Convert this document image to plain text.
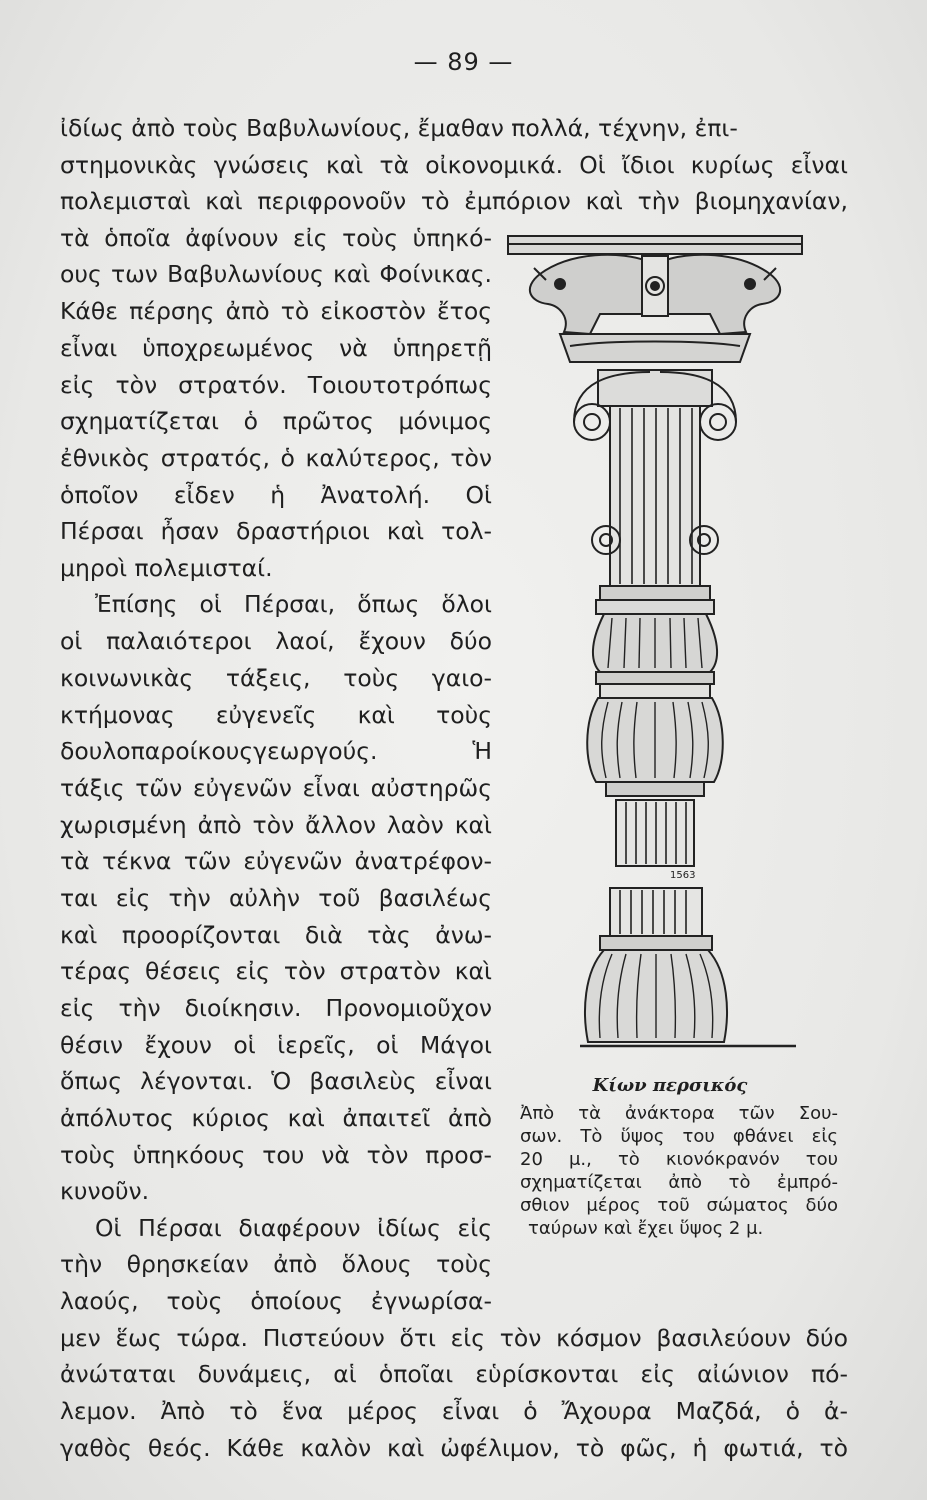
— 89 —
ἰδίως ἀπὸ τοὺς Βαβυλωνίους, ἔμαθαν πολλά, τέχνην, ἐπι-
στημονικὰς γνώσεις καὶ τὰ οἰκονομικά. Οἱ ἴδιοι κυρίως εἶναι
πολεμισταὶ καὶ περιφρονοῦν τὸ ἐμπόριον καὶ τὴν βιομηχανίαν,
τὰ ὁποῖα ἀφίνουν εἰς τοὺς ὑπηκό-
ους των Βαβυλωνίους καὶ Φοίνικας.
Κάθε πέρσης ἀπὸ τὸ εἰκοστὸν ἔτος
εἶναι ὑποχρεωμένος νὰ ὑπηρετῇ
εἰς τὸν στρατόν. Τοιουτοτρόπως
σχηματίζεται ὁ πρῶτος μόνιμος
ἐθνικὸς στρατός, ὁ καλύτερος, τὸν
ὁποῖον εἶδεν ἡ Ἀνατολή. Οἱ
Πέρσαι ἦσαν δραστήριοι καὶ τολ-
μηροὶ πολεμισταί.
Ἐπίσης οἱ Πέρσαι, ὅπως ὅλοι
οἱ παλαιότεροι λαοί, ἔχουν δύο
κοινωνικὰς τάξεις, τοὺς γαιο-
κτήμονας εὐγενεῖς καὶ τοὺς
δουλοπαροίκουςγεωργούς. Ἡ
τάξις τῶν εὐγενῶν εἶναι αὐστηρῶς
χωρισμένη ἀπὸ τὸν ἄλλον λαὸν καὶ
τὰ τέκνα τῶν εὐγενῶν ἀνατρέφον-
ται εἰς τὴν αὐλὴν τοῦ βασιλέως
καὶ προορίζονται διὰ τὰς ἀνω-
τέρας θέσεις εἰς τὸν στρατὸν καὶ
εἰς τὴν διοίκησιν. Προνομιοῦχον
θέσιν ἔχουν οἱ ἱερεῖς, οἱ Μάγοι
ὅπως λέγονται. Ὁ βασιλεὺς εἶναι
ἀπόλυτος κύριος καὶ ἀπαιτεῖ ἀπὸ
τοὺς ὑπηκόους του νὰ τὸν προσ-
κυνοῦν.
Οἱ Πέρσαι διαφέρουν ἰδίως εἰς
τὴν θρησκείαν ἀπὸ ὅλους τοὺς
λαούς, τοὺς ὁποίους ἐγνωρίσα-
μεν ἕως τώρα. Πιστεύουν ὅτι εἰς τὸν κόσμον βασιλεύουν δύο
ἀνώταται δυνάμεις, αἱ ὁποῖαι εὑρίσκονται εἰς αἰώνιον πό-
λεμον. Ἀπὸ τὸ ἕνα μέρος εἶναι ὁ Ἄχουρα Μαζδά, ὁ ἀ-
γαθὸς θεός. Κάθε καλὸν καὶ ὠφέλιμον, τὸ φῶς, ἡ φωτιά, τὸ
1563
Κίων περσικός
Ἀπὸ τὰ ἀνάκτορα τῶν Σου-
σων. Τὸ ὕψος του φθάνει εἰς
20 μ., τὸ κιονόκρανόν του
σχηματίζεται ἀπὸ τὸ ἐμπρό-
σθιον μέρος τοῦ σώματος δύο
ταύρων καὶ ἔχει ὕψος 2 μ.
